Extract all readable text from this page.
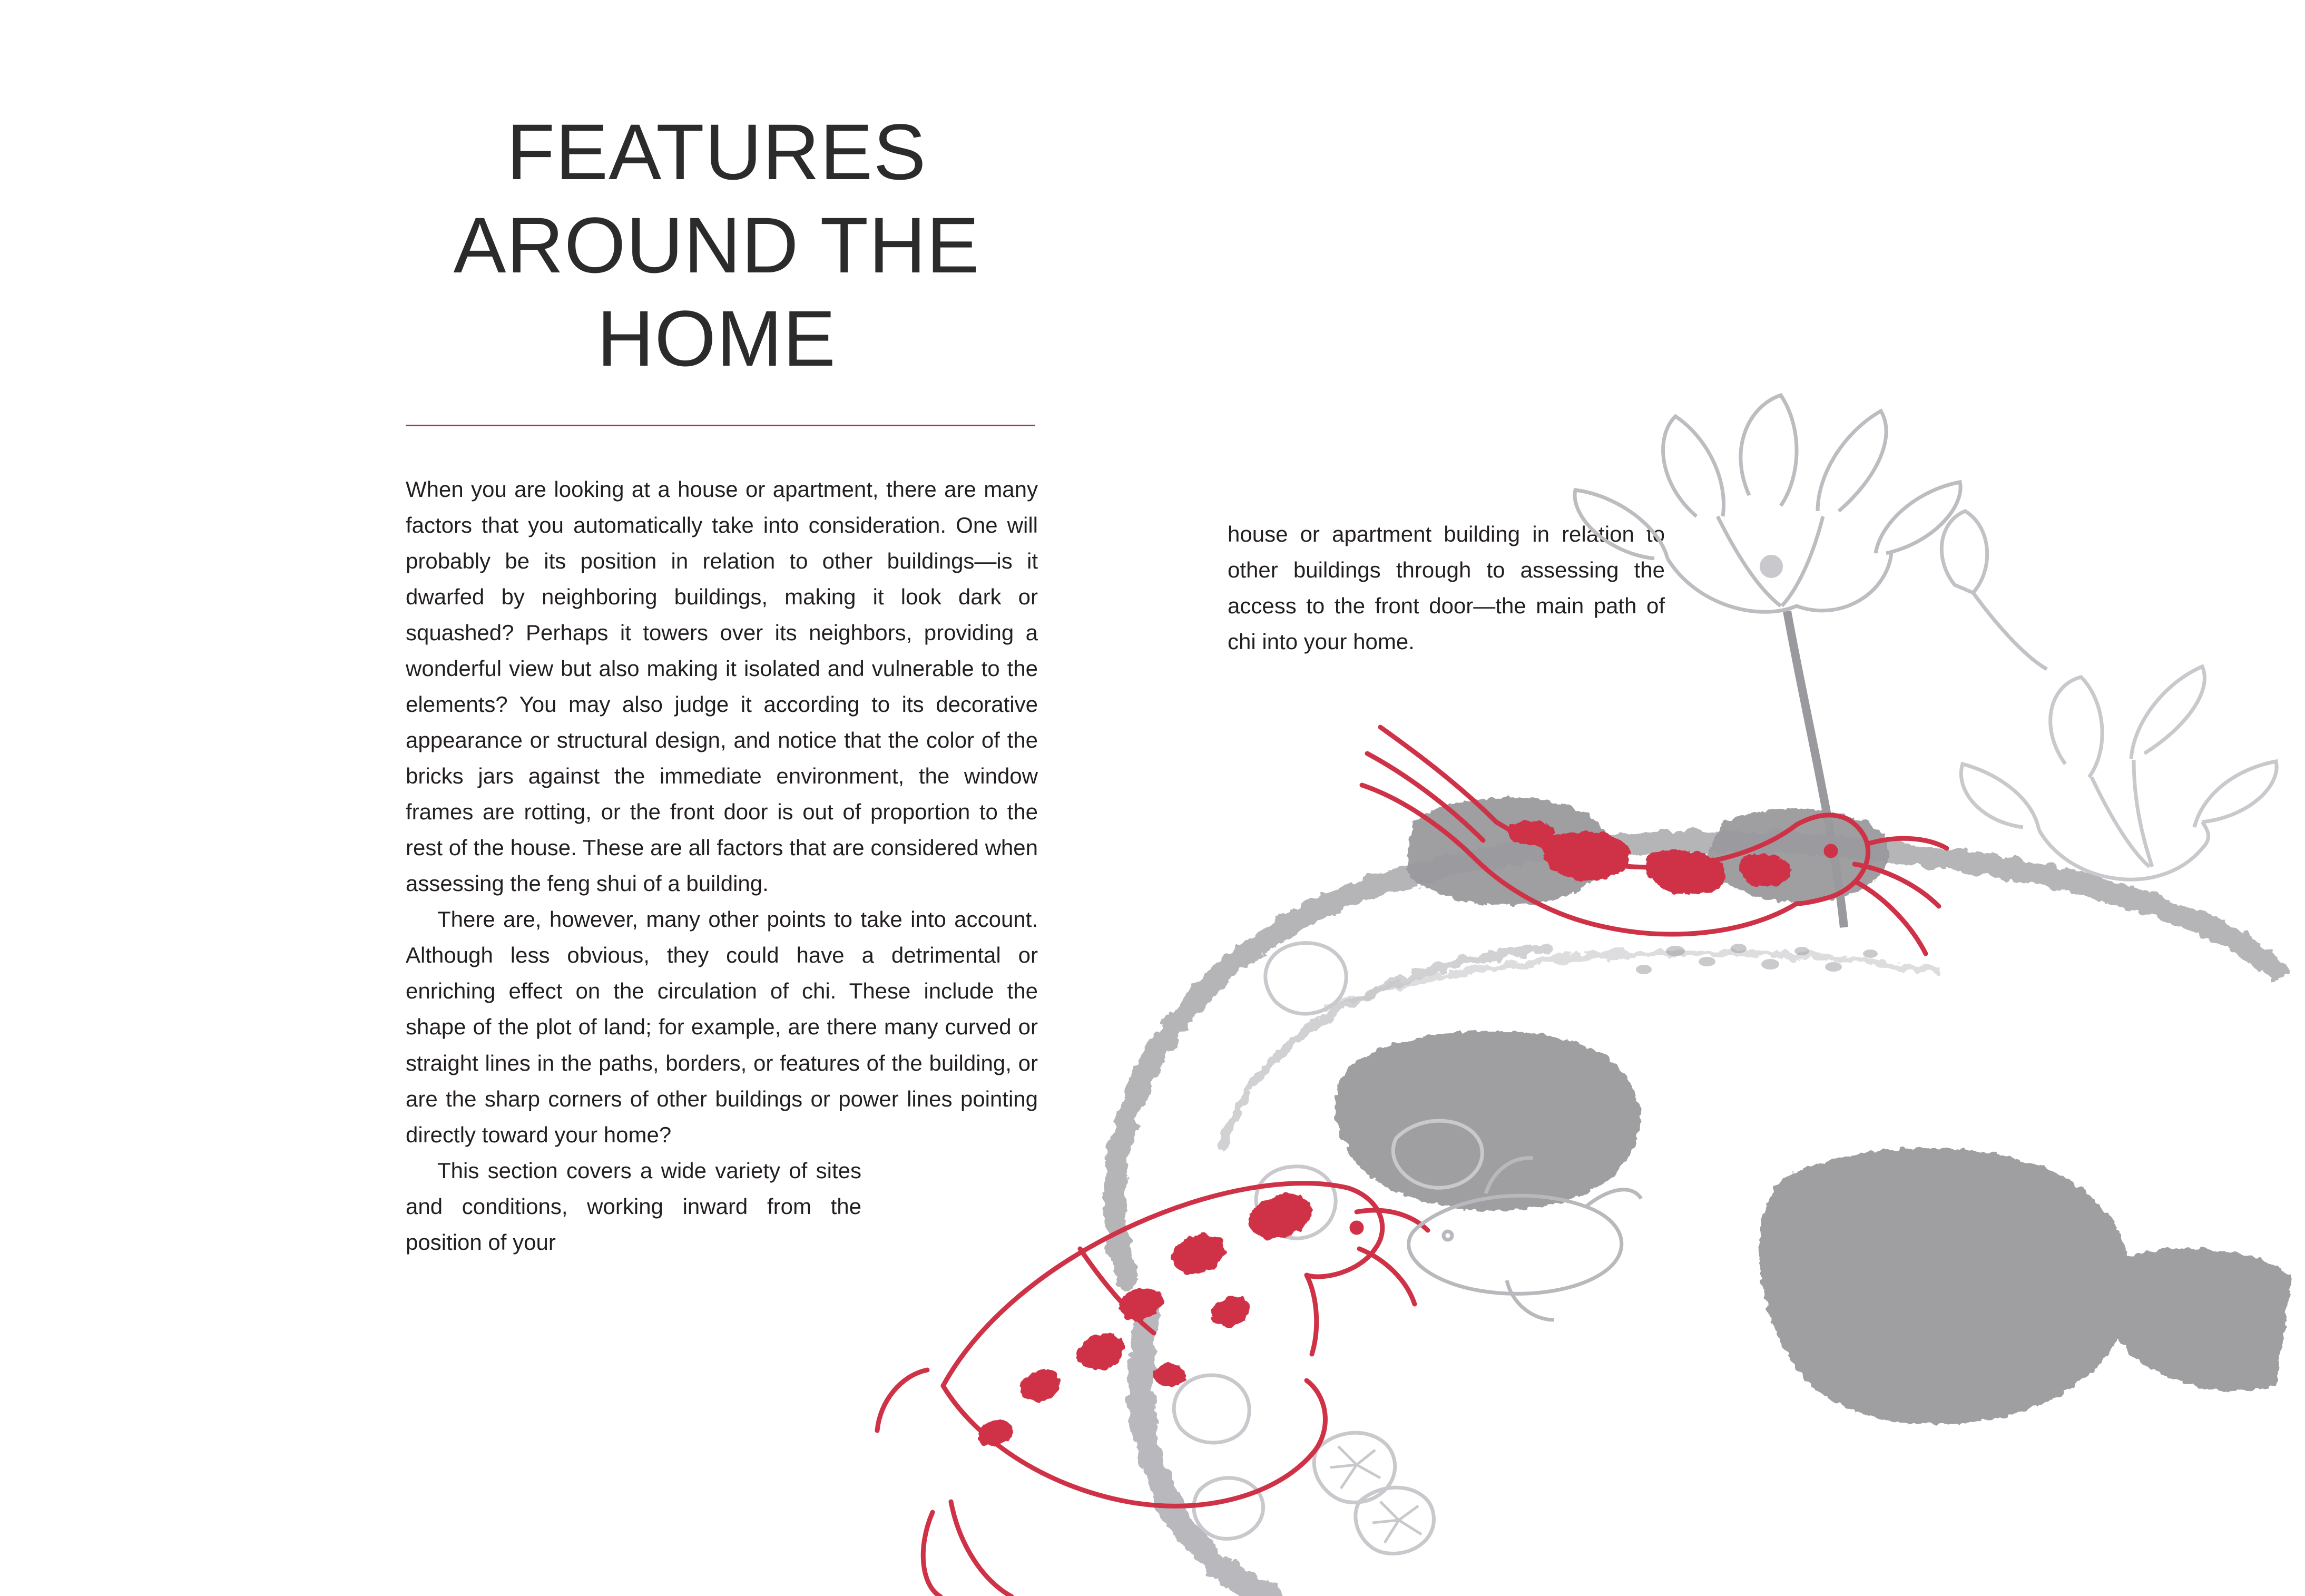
FEATURES
AROUND THE
HOME

When you are looking at a house or apartment, there are many factors that you automatically take into consideration. One will probably be its position in relation to other buildings—is it dwarfed by neighboring buildings, making it look dark or squashed? Perhaps it towers over its neighbors, providing a wonderful view but also making it isolated and vulnerable to the elements? You may also judge it according to its decorative appearance or structural design, and notice that the color of the bricks jars against the immediate environment, the window frames are rotting, or the front door is out of proportion to the rest of the house. These are all factors that are considered when assessing the feng shui of a building.

There are, however, many other points to take into account. Although less obvious, they could have a detrimental or enriching effect on the circulation of chi. These include the shape of the plot of land; for example, are there many curved or straight lines in the paths, borders, or features of the building, or are the sharp corners of other buildings or power lines pointing directly toward your home?

This section covers a wide variety of sites and conditions, working inward from the position of your

house or apartment building in relation to other buildings through to assessing the access to the front door—the main path of chi into your home.
